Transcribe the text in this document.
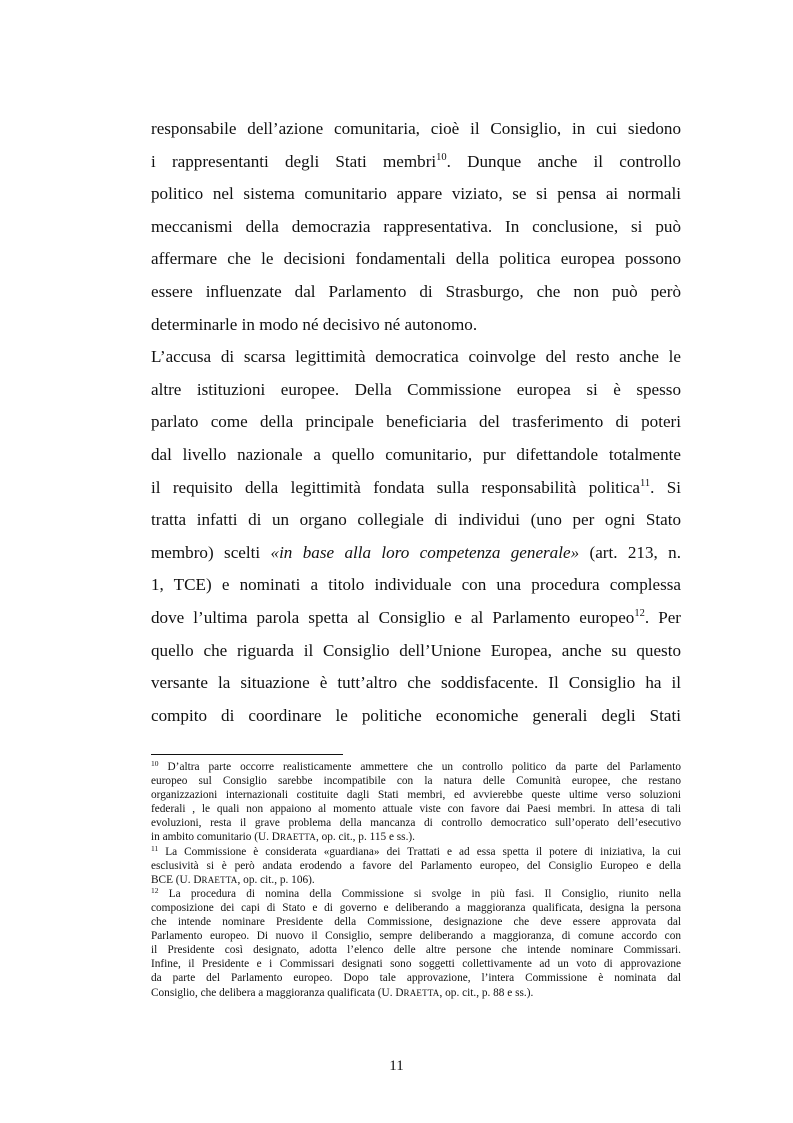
responsabile dell’azione comunitaria, cioè il Consiglio, in cui siedono
i rappresentanti degli Stati membri$^{10}$. Dunque anche il controllo
politico nel sistema comunitario appare viziato, se si pensa ai normali
meccanismi della democrazia rappresentativa. In conclusione, si può
affermare che le decisioni fondamentali della politica europea possono
essere influenzate dal Parlamento di Strasburgo, che non può però
determinarle in modo né decisivo né autonomo.
L’accusa di scarsa legittimità democratica coinvolge del resto anche le
altre istituzioni europee. Della Commissione europea si è spesso
parlato come della principale beneficiaria del trasferimento di poteri
dal livello nazionale a quello comunitario, pur difettandole totalmente
il requisito della legittimità fondata sulla responsabilità politica$^{11}$. Si
tratta infatti di un organo collegiale di individui (uno per ogni Stato
membro) scelti «in base alla loro competenza generale» (art. 213, n.
1, TCE) e nominati a titolo individuale con una procedura complessa
dove l’ultima parola spetta al Consiglio e al Parlamento europeo$^{12}$. Per
quello che riguarda il Consiglio dell’Unione Europea, anche su questo
versante la situazione è tutt’altro che soddisfacente. Il Consiglio ha il
compito di coordinare le politiche economiche generali degli Stati
$^{10}$ D’altra parte occorre realisticamente ammettere che un controllo politico da parte del Parlamento
europeo sul Consiglio sarebbe incompatibile con la natura delle Comunità europee, che restano
organizzazioni internazionali costituite dagli Stati membri, ed avvierebbe queste ultime verso soluzioni
federali , le quali non appaiono al momento attuale viste con favore dai Paesi membri. In attesa di tali
evoluzioni, resta il grave problema della mancanza di controllo democratico sull’operato dell’esecutivo
in ambito comunitario (U. DRAETTA, op. cit., p. 115 e ss.).
$^{11}$ La Commissione è considerata «guardiana» dei Trattati e ad essa spetta il potere di iniziativa, la cui
esclusività si è però andata erodendo a favore del Parlamento europeo, del Consiglio Europeo e della
BCE (U. DRAETTA, op. cit., p. 106).
$^{12}$ La procedura di nomina della Commissione si svolge in più fasi. Il Consiglio, riunito nella
composizione dei capi di Stato e di governo e deliberando a maggioranza qualificata, designa la persona
che intende nominare Presidente della Commissione, designazione che deve essere approvata dal
Parlamento europeo. Di nuovo il Consiglio, sempre deliberando a maggioranza, di comune accordo con
il Presidente così designato, adotta l’elenco delle altre persone che intende nominare Commissari.
Infine, il Presidente e i Commissari designati sono soggetti collettivamente ad un voto di approvazione
da parte del Parlamento europeo. Dopo tale approvazione, l’intera Commissione è nominata dal
Consiglio, che delibera a maggioranza qualificata (U. DRAETTA, op. cit., p. 88 e ss.).
11
